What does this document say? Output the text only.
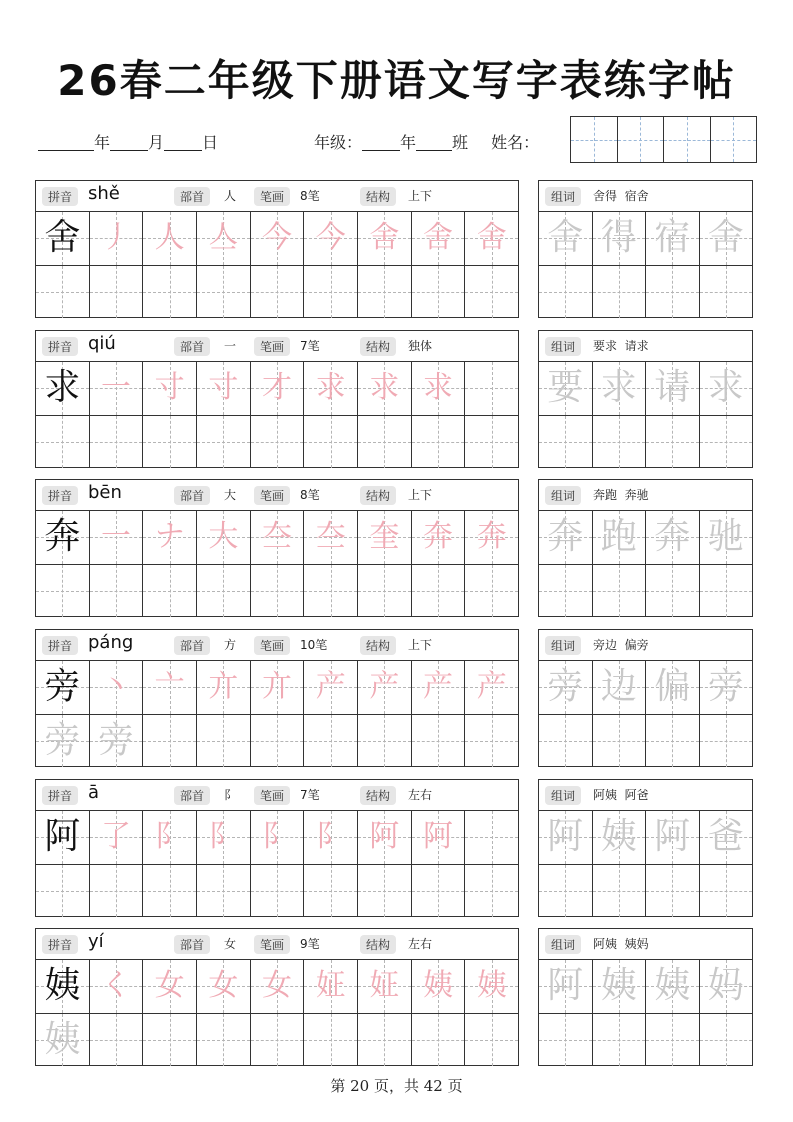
26春二年级下册语文写字表练字帖
年 月 日	年级： 年 班 姓名：
拼音 shě	部首	人	笔画	8笔	结构	上下
舍 丿 人 亼 今 今 舍 舍 舍
组词	舍得  宿舍
舍 得 宿 舍
拼音 qiú	部首	一	笔画	7笔	结构	独体
求 一 寸 寸 才 求 求 求
组词	要求  请求
要 求 请 求
拼音 bēn	部首	大	笔画	8笔	结构	上下
奔 一 ナ 大 夳 夳 奎 奔 奔
组词	奔跑  奔驰
奔 跑 奔 驰
拼音 páng	部首	方	笔画	10笔	结构	上下
旁 丶 亠 亣 亣 产 产 产 产
旁 旁
组词	旁边  偏旁
旁 边 偏 旁
拼音 ā	部首	阝	笔画	7笔	结构	左右
阿 了 阝 阝 阝 阝 阿 阿
组词	阿姨  阿爸
阿 姨 阿 爸
拼音 yí	部首	女	笔画	9笔	结构	左右
姨 く 女 女 女 姃 姃 姨 姨
姨
组词	阿姨  姨妈
阿 姨 姨 妈
第 20 页，共 42 页
